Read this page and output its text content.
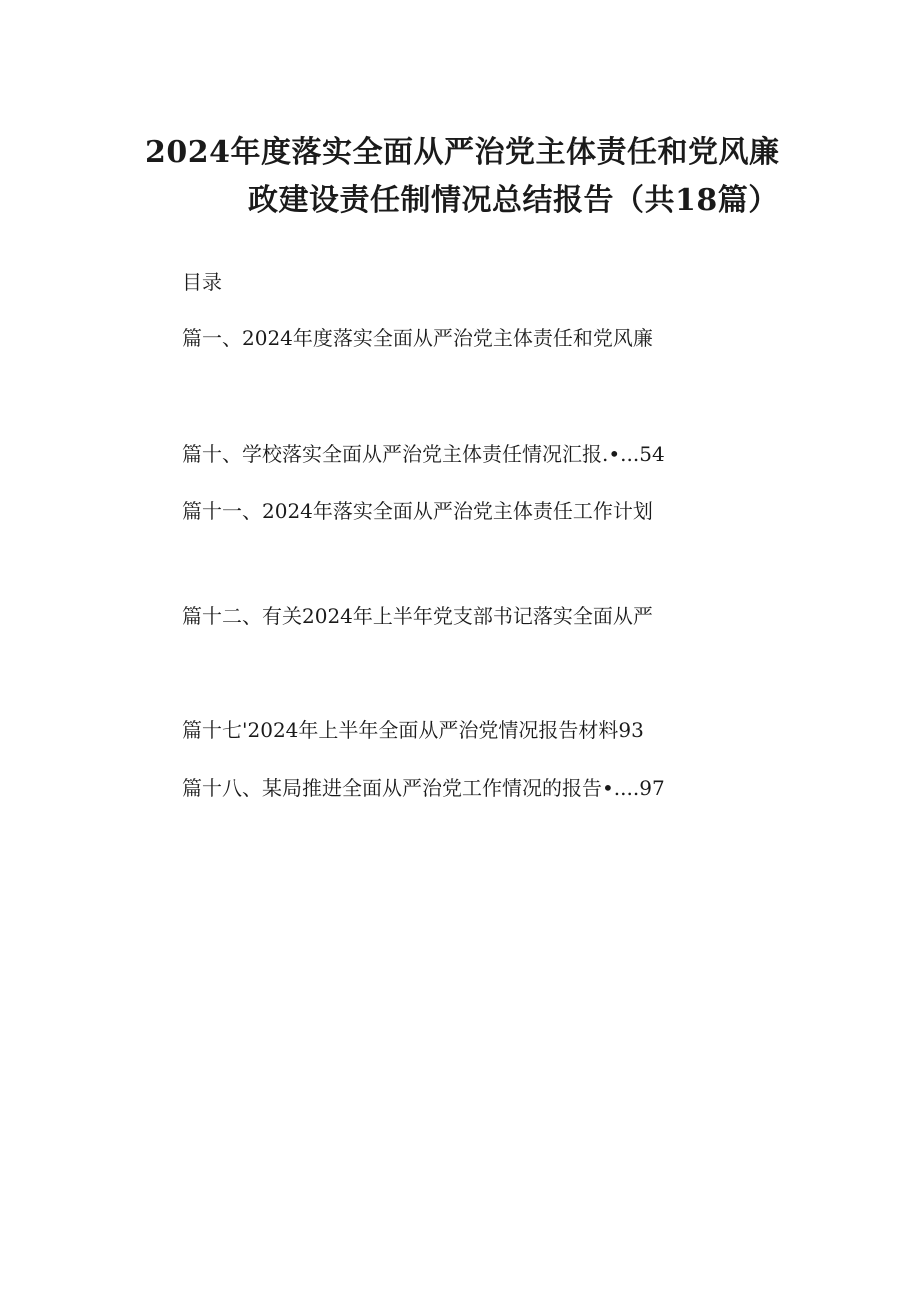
2024年度落实全面从严治党主体责任和党风廉
政建设责任制情况总结报告（共18篇）
目录
篇一、2024年度落实全面从严治党主体责任和党风廉
篇十、学校落实全面从严治党主体责任情况汇报.•...54
篇十一、2024年落实全面从严治党主体责任工作计划
篇十二、有关2024年上半年党支部书记落实全面从严
篇十七'2024年上半年全面从严治党情况报告材料93
篇十八、某局推进全面从严治党工作情况的报告•....97
